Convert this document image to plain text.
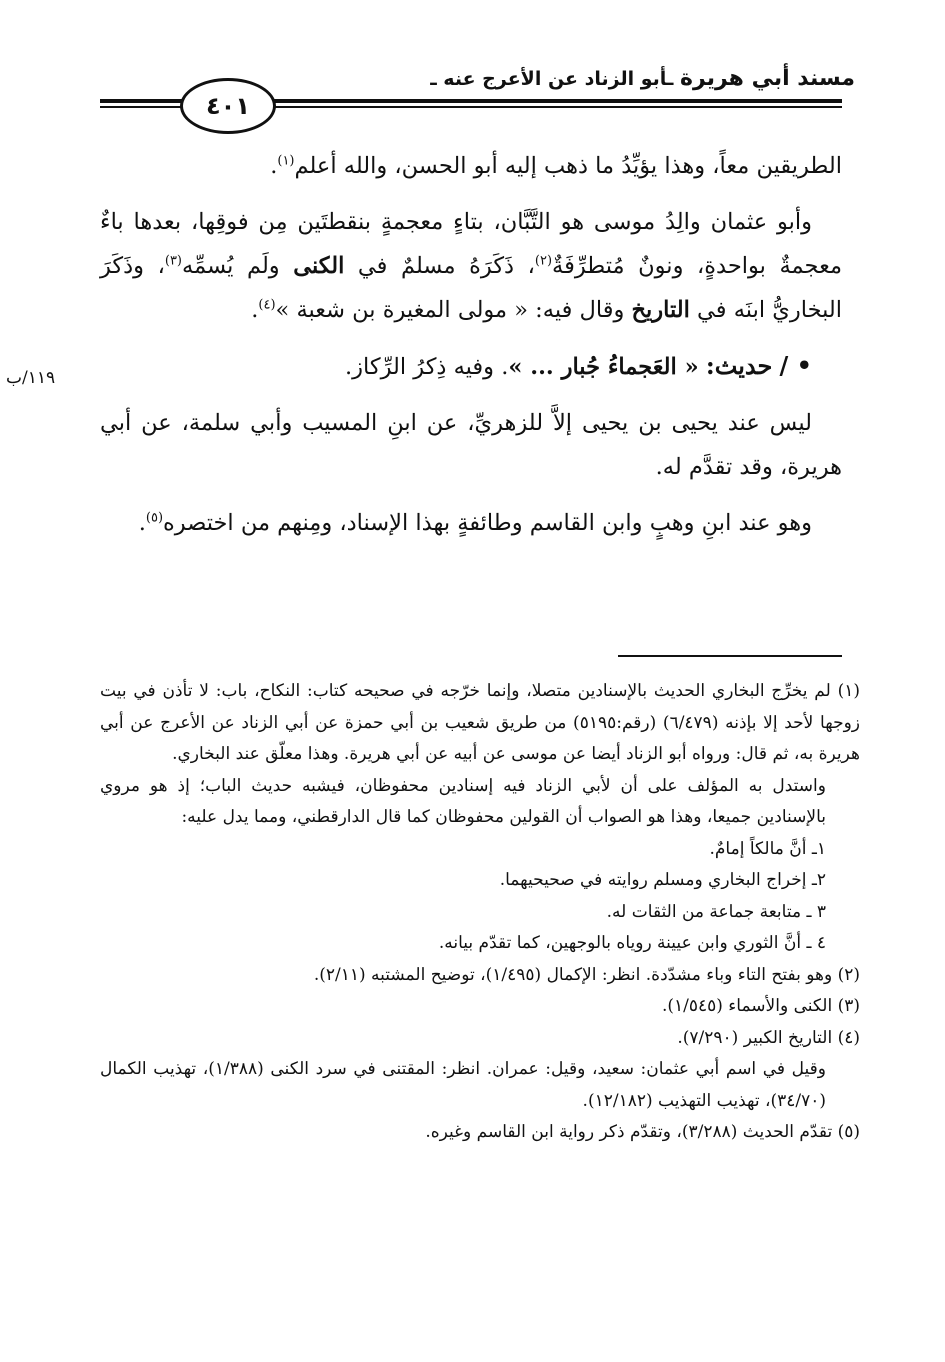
مسند أبي هريرة ـأبو الزناد عن الأعرج عنه ـ
٤٠١
١١٩/ب

الطريقين معاً، وهذا يؤيِّدُ ما ذهب إليه أبو الحسن، والله أعلم$^{(١)}$.

وأبو عثمان والِدُ موسى هو التَّبَّان، بتاءٍ معجمةٍ بنقطتَين مِن فوقِها، بعدها باءٌ معجمةٌ بواحدةٍ، ونونٌ مُتطرِّفَةٌ$^{(٢)}$، ذَكَرَهُ مسلمٌ في الكنى ولَم يُسمِّه$^{(٣)}$، وذَكَرَ البخاريُّ ابنَه في التاريخ وقال فيه: « مولى المغيرة بن شعبة »$^{(٤)}$.

• / حديث: « العَجماءُ جُبار ... ». وفيه ذِكرُ الرِّكاز.

ليس عند يحيى بن يحيى إلاَّ للزهريِّ، عن ابنِ المسيب وأبي سلمة، عن أبي هريرة، وقد تقدَّم له.

وهو عند ابنِ وهبٍ وابن القاسم وطائفةٍ بهذا الإسناد، ومِنهم من اختصره$^{(٥)}$.

(١) لم يخرِّج البخاري الحديث بالإسنادين متصلا، وإنما خرّجه في صحيحه كتاب: النكاح، باب: لا تأذن في بيت زوجها لأحد إلا بإذنه (٦/٤٧٩) (رقم:٥١٩٥) من طريق شعيب بن أبي حمزة عن أبي الزناد عن الأعرج عن أبي هريرة به، ثم قال: ورواه أبو الزناد أيضا عن موسى عن أبيه عن أبي هريرة. وهذا معلّق عند البخاري.

واستدل به المؤلف على أن لأبي الزناد فيه إسنادين محفوظان، فيشبه حديث الباب؛ إذ هو مروي بالإسنادين جميعا، وهذا هو الصواب أن القولين محفوظان كما قال الدارقطني، ومما يدل عليه:

١ـ أنَّ مالكاً إمامٌ.

٢ـ إخراج البخاري ومسلم روايته في صحيحيهما.

٣ ـ متابعة جماعة من الثقات له.

٤ ـ أنَّ الثوري وابن عيينة روياه بالوجهين، كما تقدّم بيانه.

(٢) وهو بفتح التاء وباء مشدّدة. انظر: الإكمال (١/٤٩٥)، توضيح المشتبه (٢/١١).

(٣) الكنى والأسماء (١/٥٤٥).

(٤) التاريخ الكبير (٧/٢٩٠).

وقيل في اسم أبي عثمان: سعيد، وقيل: عمران. انظر: المقتنى في سرد الكنى (١/٣٨٨)، تهذيب الكمال (٣٤/٧٠)، تهذيب التهذيب (١٢/١٨٢).

(٥) تقدّم الحديث (٣/٢٨٨)، وتقدّم ذكر رواية ابن القاسم وغيره.
